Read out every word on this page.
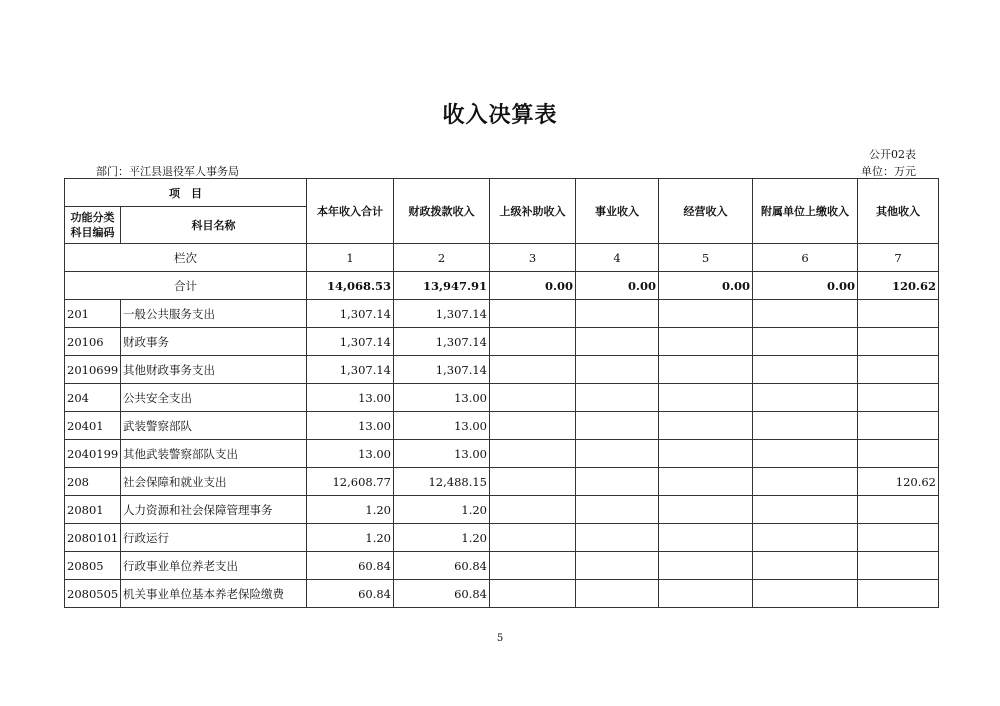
收入决算表
公开02表
部门：平江县退役军人事务局	单位：万元
项　目		本年收入合计	财政拨款收入	上级补助收入	事业收入	经营收入	附属单位上缴收入	其他收入
功能分类科目编码	科目名称							
栏次		1	2	3	4	5	6	7
合计		14,068.53	13,947.91	0.00	0.00	0.00	0.00	120.62
201	一般公共服务支出	1,307.14	1,307.14					
20106	财政事务	1,307.14	1,307.14					
2010699	其他财政事务支出	1,307.14	1,307.14					
204	公共安全支出	13.00	13.00					
20401	武装警察部队	13.00	13.00					
2040199	其他武装警察部队支出	13.00	13.00					
208	社会保障和就业支出	12,608.77	12,488.15					120.62
20801	人力资源和社会保障管理事务	1.20	1.20					
2080101	行政运行	1.20	1.20					
20805	行政事业单位养老支出	60.84	60.84					
2080505	机关事业单位基本养老保险缴费	60.84	60.84					
5
